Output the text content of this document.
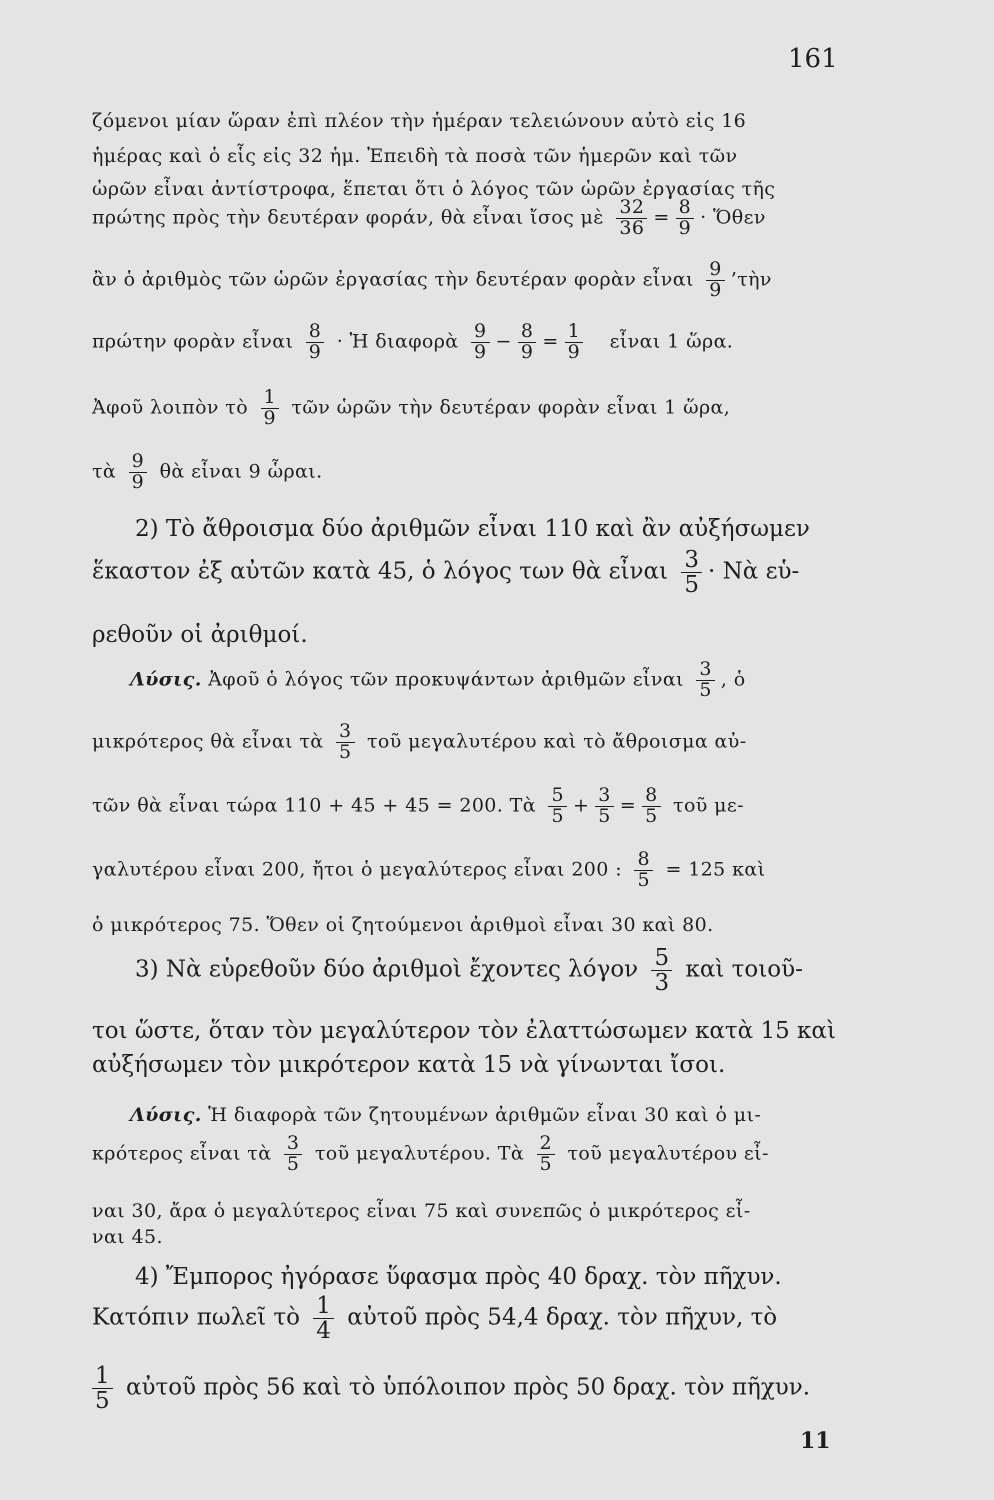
161
ζόμενοι μίαν ὥραν ἐπὶ πλέον τὴν ἡμέραν τελειώνουν αὐτὸ εἰς 16
ἡμέρας καὶ ὁ εἷς εἰς 32 ἡμ. Ἐπειδὴ τὰ ποσὰ τῶν ἡμερῶν καὶ τῶν
ὡρῶν εἶναι ἀντίστροφα, ἕπεται ὅτι ὁ λόγος τῶν ὡρῶν ἐργασίας τῆς
πρώτης πρὸς τὴν δευτέραν φοράν, θὰ εἶναι ἴσος μὲ $\frac{32}{36} = \frac{8}{9}$ · Ὅθεν
ἂν ὁ ἀριθμὸς τῶν ὡρῶν ἐργασίας τὴν δευτέραν φορὰν εἶναι $\frac{9}{9}$ ’τὴν
πρώτην φορὰν εἶναι $\frac{8}{9}$ · Ἡ διαφορὰ $\frac{9}{9} - \frac{8}{9} = \frac{1}{9}$ εἶναι 1 ὥρα.
Ἀφοῦ λοιπὸν τὸ $\frac{1}{9}$ τῶν ὡρῶν τὴν δευτέραν φορὰν εἶναι 1 ὥρα,
τὰ $\frac{9}{9}$ θὰ εἶναι 9 ὧραι.
2) Τὸ ἄθροισμα δύο ἀριθμῶν εἶναι 110 καὶ ἂν αὐξήσωμεν
ἕκαστον ἐξ αὐτῶν κατὰ 45, ὁ λόγος των θὰ εἶναι $\frac{3}{5}$ · Νὰ εὑ-
ρεθοῦν οἱ ἀριθμοί.
Λύσις. Ἀφοῦ ὁ λόγος τῶν προκυψάντων ἀριθμῶν εἶναι $\frac{3}{5}$ , ὁ
μικρότερος θὰ εἶναι τὰ $\frac{3}{5}$ τοῦ μεγαλυτέρου καὶ τὸ ἄθροισμα αὐ-
τῶν θὰ εἶναι τώρα 110 + 45 + 45 = 200. Τὰ $\frac{5}{5} + \frac{3}{5} = \frac{8}{5}$ τοῦ με-
γαλυτέρου εἶναι 200, ἤτοι ὁ μεγαλύτερος εἶναι 200 : $\frac{8}{5} = 125$ καὶ
ὁ μικρότερος 75. Ὅθεν οἱ ζητούμενοι ἀριθμοὶ εἶναι 30 καὶ 80.
3) Νὰ εὑρεθοῦν δύο ἀριθμοὶ ἔχοντες λόγον $\frac{5}{3}$ καὶ τοιοῦ-
τοι ὥστε, ὅταν τὸν μεγαλύτερον τὸν ἐλαττώσωμεν κατὰ 15 καὶ
αὐξήσωμεν τὸν μικρότερον κατὰ 15 νὰ γίνωνται ἴσοι.
Λύσις. Ἡ διαφορὰ τῶν ζητουμένων ἀριθμῶν εἶναι 30 καὶ ὁ μι-
κρότερος εἶναι τὰ $\frac{3}{5}$ τοῦ μεγαλυτέρου. Τὰ $\frac{2}{5}$ τοῦ μεγαλυτέρου εἶ-
ναι 30, ἄρα ὁ μεγαλύτερος εἶναι 75 καὶ συνεπῶς ὁ μικρότερος εἶ-
ναι 45.
4) Ἔμπορος ἠγόρασε ὕφασμα πρὸς 40 δραχ. τὸν πῆχυν.
Κατόπιν πωλεῖ τὸ $\frac{1}{4}$ αὐτοῦ πρὸς 54,4 δραχ. τὸν πῆχυν, τὸ
$\frac{1}{5}$ αὐτοῦ πρὸς 56 καὶ τὸ ὑπόλοιπον πρὸς 50 δραχ. τὸν πῆχυν.
11
